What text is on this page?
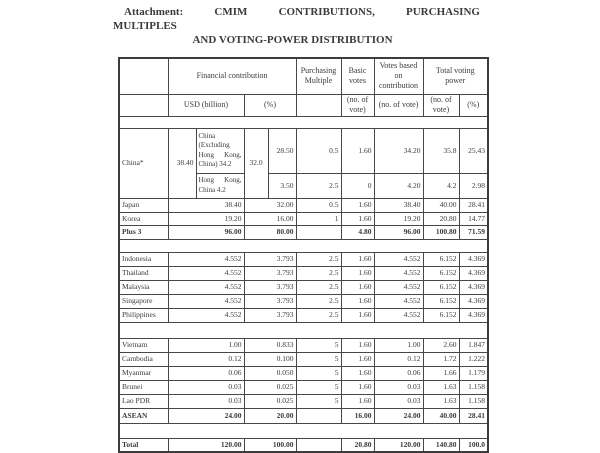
Attachment:	CMIM	CONTRIBUTIONS,	PURCHASING
MULTIPLES
AND VOTING-POWER DISTRIBUTION
	Financial contribution				Purchasing Multiple	Basic votes	Votes based on contribution	Total voting power	
	USD (billion)		(%)			(no. of vote)	(no. of vote)	(no. of vote)	(%)

China*	38.40	China (Excluding Hong Kong, China) 34.2	32.0	28.50	0.5	1.60	34.20	35.8	25.43
		Hong Kong, China 4.2		3.50	2.5	0	4.20	4.2	2.98
Japan	38.40		32.00		0.5	1.60	38.40	40.00	28.41
Korea	19.20		16.00		1	1.60	19.20	20.80	14.77
Plus 3	96.00		80.00			4.80	96.00	100.80	71.59

Indonesia	4.552		3.793		2.5	1.60	4.552	6.152	4.369
Thailand	4.552		3.793		2.5	1.60	4.552	6.152	4.369
Malaysia	4.552		3.793		2.5	1.60	4.552	6.152	4.369
Singapore	4.552		3.793		2.5	1.60	4.552	6.152	4.369
Philippines	4.552		3.793		2.5	1.60	4.552	6.152	4.369

Vietnam	1.00		0.833		5	1.60	1.00	2.60	1.847
Cambodia	0.12		0.100		5	1.60	0.12	1.72	1.222
Myanmar	0.06		0.050		5	1.60	0.06	1.66	1.179
Brunei	0.03		0.025		5	1.60	0.03	1.63	1.158
Lao PDR	0.03		0.025		5	1.60	0.03	1.63	1.158
ASEAN	24.00		20.00			16.00	24.00	40.00	28.41

Total	120.00		100.00			20.80	120.00	140.80	100.0
